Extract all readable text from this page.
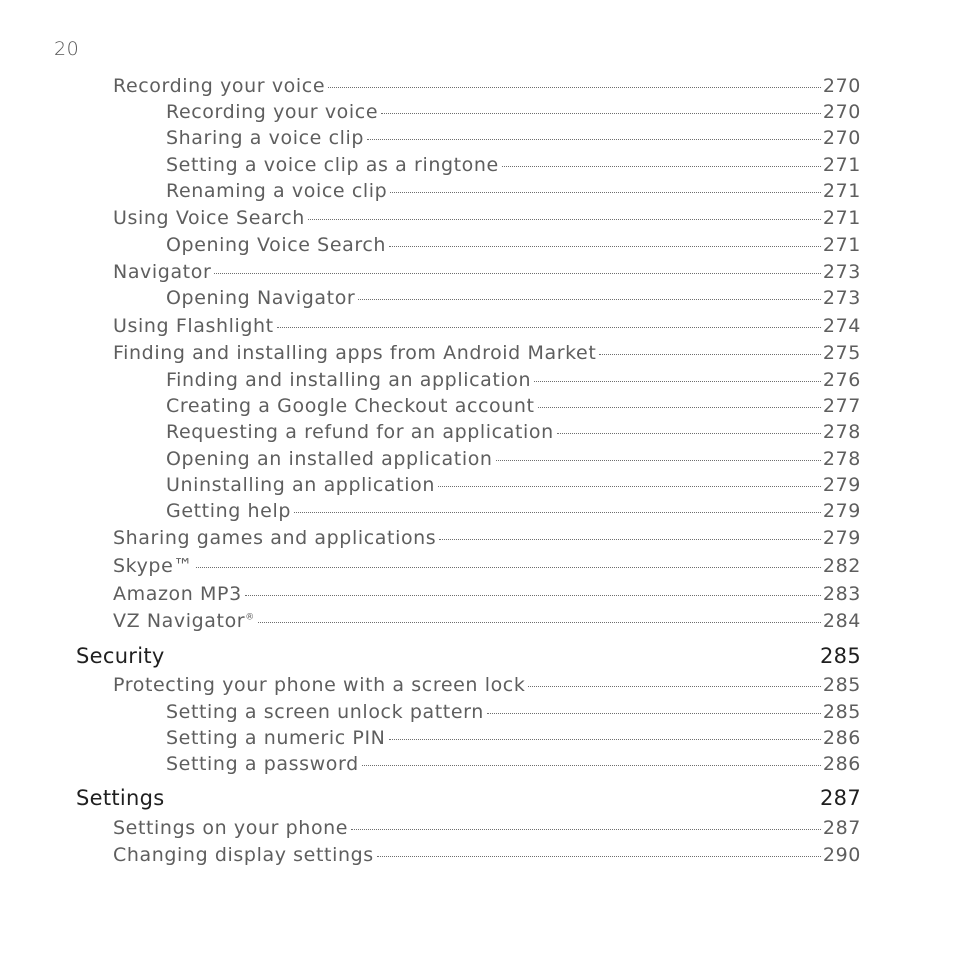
20
Recording your voice	270
Recording your voice	270
Sharing a voice clip	270
Setting a voice clip as a ringtone	271
Renaming a voice clip	271
Using Voice Search	271
Opening Voice Search	271
Navigator	273
Opening Navigator	273
Using Flashlight	274
Finding and installing apps from Android Market	275
Finding and installing an application	276
Creating a Google Checkout account	277
Requesting a refund for an application	278
Opening an installed application	278
Uninstalling an application	279
Getting help	279
Sharing games and applications	279
Skype™	282
Amazon MP3	283
VZ Navigator®	284
Security	285
Protecting your phone with a screen lock	285
Setting a screen unlock pattern	285
Setting a numeric PIN	286
Setting a password	286
Settings	287
Settings on your phone	287
Changing display settings	290
